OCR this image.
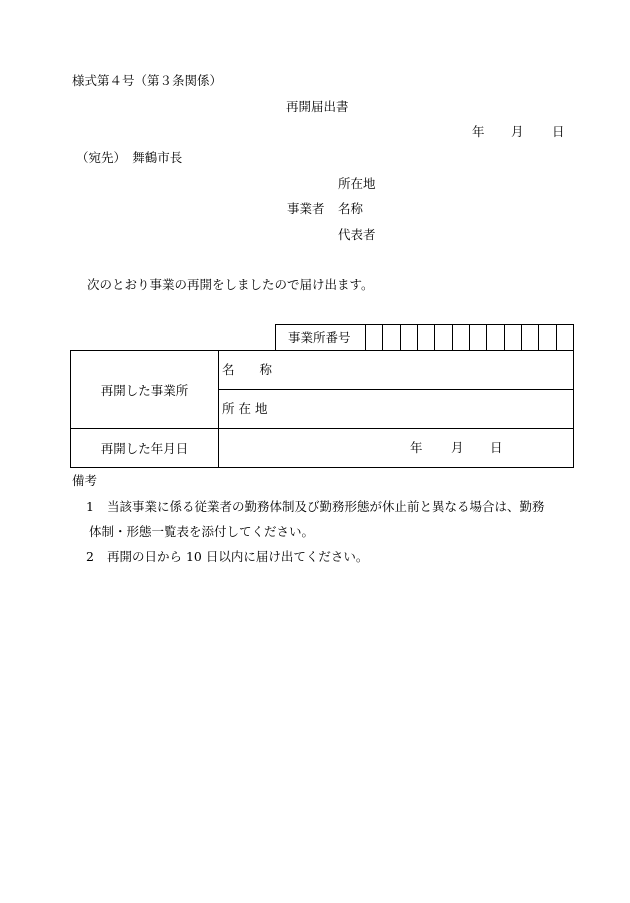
様式第４号（第３条関係）
再開届出書
年 月 日
（宛先）　舞鶴市長
所在地
事業者 名称
代表者
次のとおり事業の再開をしましたので届け出ます。
事業所番号
再開した事業所
名　　称
所 在 地
再開した年月日	年 月 日
備考
1 当該事業に係る従業者の勤務体制及び勤務形態が休止前と異なる場合は、勤務
体制・形態一覧表を添付してください。
2 再開の日から 10 日以内に届け出てください。
